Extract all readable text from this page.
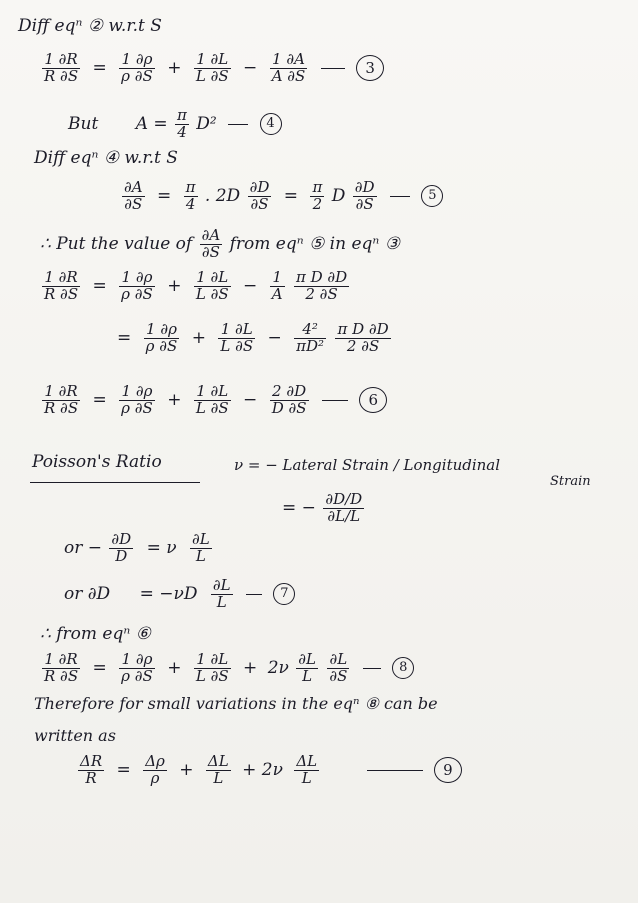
Diff eqⁿ ② w.r.t S
$\frac{1 \partial R}{R \partial S} = \frac{1 \partial\rho}{\rho \partial S} + \frac{1 \partial L}{L \partial S} - \frac{1 \partial A}{A \partial S}$	3
But $A = \frac{\pi}{4} D^2$	4
Diff eqⁿ ④ w.r.t S
$\frac{\partial A}{\partial S} = \frac{\pi}{4}$ . $2D \frac{\partial D}{\partial S} = \frac{\pi}{2}$ D $\frac{\partial D}{\partial S}$	5
∴ Put the value of $\frac{\partial A}{\partial S}$ from eqⁿ ⑤ in eqⁿ ③
$\frac{1 \partial R}{R \partial S} = \frac{1 \partial\rho}{\rho \partial S} + \frac{1 \partial L}{L \partial S} - \frac{1}{A}$
$\frac{\text{π D ∂D}}{2 \partial S}$
= $\frac{1 \partial\rho}{\rho \partial S} + \frac{1 \partial L}{L \partial S} - \frac{\text{4²}}{\text{πD²}}$
$\frac{\text{π D ∂D}}{2 \partial S}$
$\frac{1 \partial R}{R \partial S} = \frac{1 \partial\rho}{\rho \partial S} + \frac{1 \partial L}{L \partial S} - \frac{2 \partial D}{D \partial S}$	6
Poisson's Ratio	ν = − Lateral Strain / Longitudinal
Strain
= − $\frac{\partial D/D}{\partial L/L}$
or − $\frac{\partial D}{D} = \nu \frac{\partial L}{L}$
or $\partial D = -\nu D \frac{\partial L}{L}$	7
∴ from eqⁿ ⑥
$\frac{1 \partial R}{R \partial S} = \frac{1 \partial\rho}{\rho \partial S} + \frac{1 \partial L}{L \partial S} + 2\nu \frac{\partial L}{L}$
$\frac{\partial L}{\partial S}$	8
Therefore for small variations in the eqⁿ ⑧ can be
written as
$\frac{\Delta R}{R} = \frac{\Delta\rho}{\rho} + \frac{\Delta L}{L} + 2\nu \frac{\Delta L}{L}$	9
